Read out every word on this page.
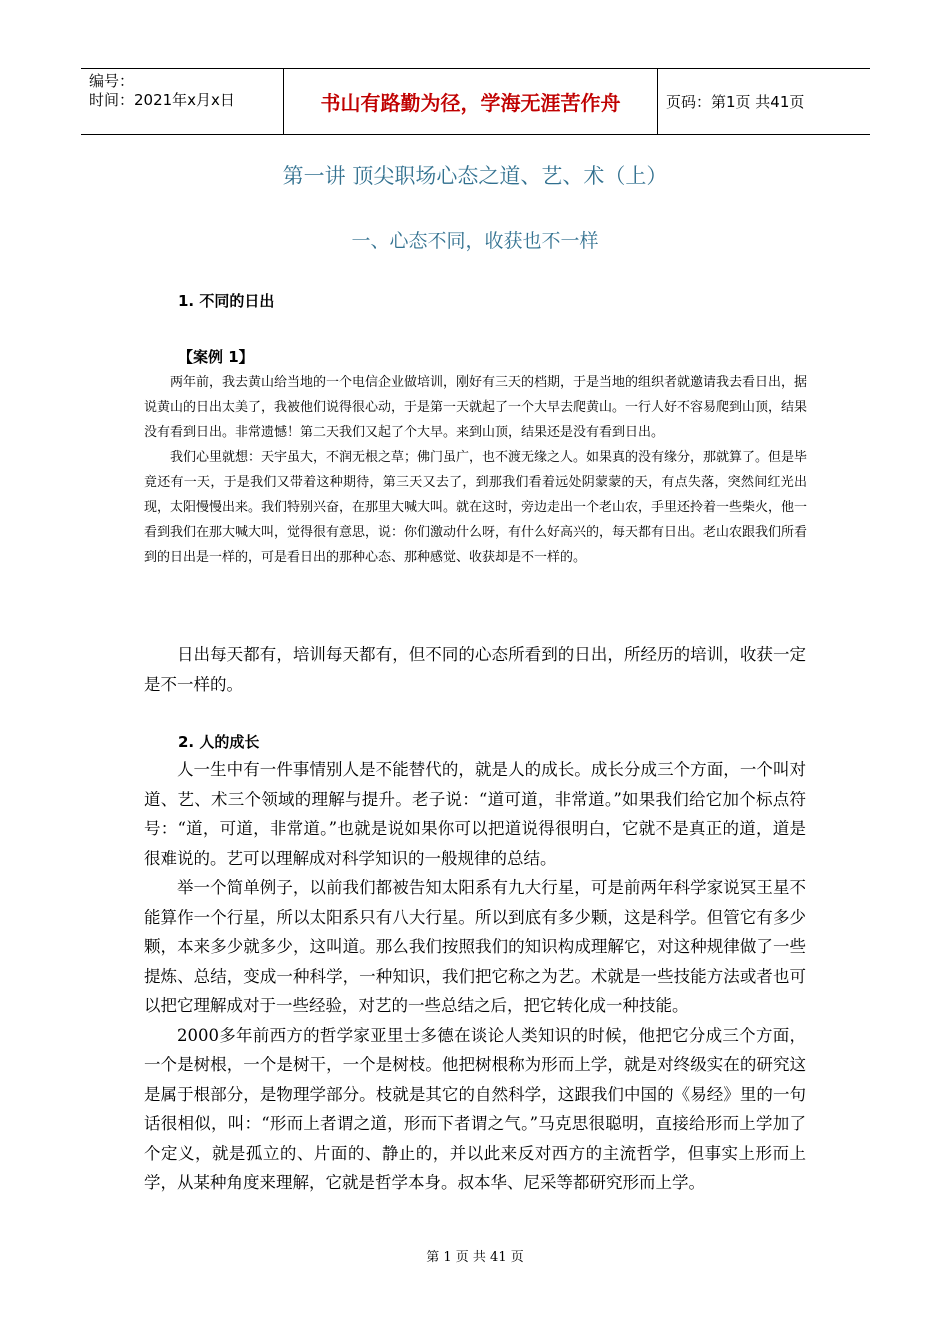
编号：
时间：2021年x月x日	书山有路勤为径，学海无涯苦作舟	页码：第1页 共41页
第一讲 顶尖职场心态之道、艺、术（上）
一、心态不同，收获也不一样
1. 不同的日出
【案例 1】

两年前，我去黄山给当地的一个电信企业做培训，刚好有三天的档期，于是当地的组织者就邀请我去看日出，据说黄山的日出太美了，我被他们说得很心动，于是第一天就起了一个大早去爬黄山。一行人好不容易爬到山顶，结果没有看到日出。非常遗憾！第二天我们又起了个大早。来到山顶，结果还是没有看到日出。

我们心里就想：天宇虽大，不润无根之草；佛门虽广，也不渡无缘之人。如果真的没有缘分，那就算了。但是毕竟还有一天，于是我们又带着这种期待，第三天又去了，到那我们看着远处阴蒙蒙的天，有点失落，突然间红光出现，太阳慢慢出来。我们特别兴奋，在那里大喊大叫。就在这时，旁边走出一个老山农，手里还拎着一些柴火，他一看到我们在那大喊大叫，觉得很有意思，说：你们激动什么呀，有什么好高兴的，每天都有日出。老山农跟我们所看到的日出是一样的，可是看日出的那种心态、那种感觉、收获却是不一样的。

日出每天都有，培训每天都有，但不同的心态所看到的日出，所经历的培训，收获一定是不一样的。

2. 人的成长

人一生中有一件事情别人是不能替代的，就是人的成长。成长分成三个方面，一个叫对道、艺、术三个领域的理解与提升。老子说：“道可道，非常道。”如果我们给它加个标点符号：“道，可道，非常道。”也就是说如果你可以把道说得很明白，它就不是真正的道，道是很难说的。艺可以理解成对科学知识的一般规律的总结。

举一个简单例子，以前我们都被告知太阳系有九大行星，可是前两年科学家说冥王星不能算作一个行星，所以太阳系只有八大行星。所以到底有多少颗，这是科学。但管它有多少颗，本来多少就多少，这叫道。那么我们按照我们的知识构成理解它，对这种规律做了一些提炼、总结，变成一种科学，一种知识，我们把它称之为艺。术就是一些技能方法或者也可以把它理解成对于一些经验，对艺的一些总结之后，把它转化成一种技能。

2000多年前西方的哲学家亚里士多德在谈论人类知识的时候，他把它分成三个方面，一个是树根，一个是树干，一个是树枝。他把树根称为形而上学，就是对终级实在的研究这是属于根部分，是物理学部分。枝就是其它的自然科学，这跟我们中国的《易经》里的一句话很相似，叫：“形而上者谓之道，形而下者谓之气。”马克思很聪明，直接给形而上学加了个定义，就是孤立的、片面的、静止的，并以此来反对西方的主流哲学，但事实上形而上学，从某种角度来理解，它就是哲学本身。叔本华、尼采等都研究形而上学。

第 1 页 共 41 页
